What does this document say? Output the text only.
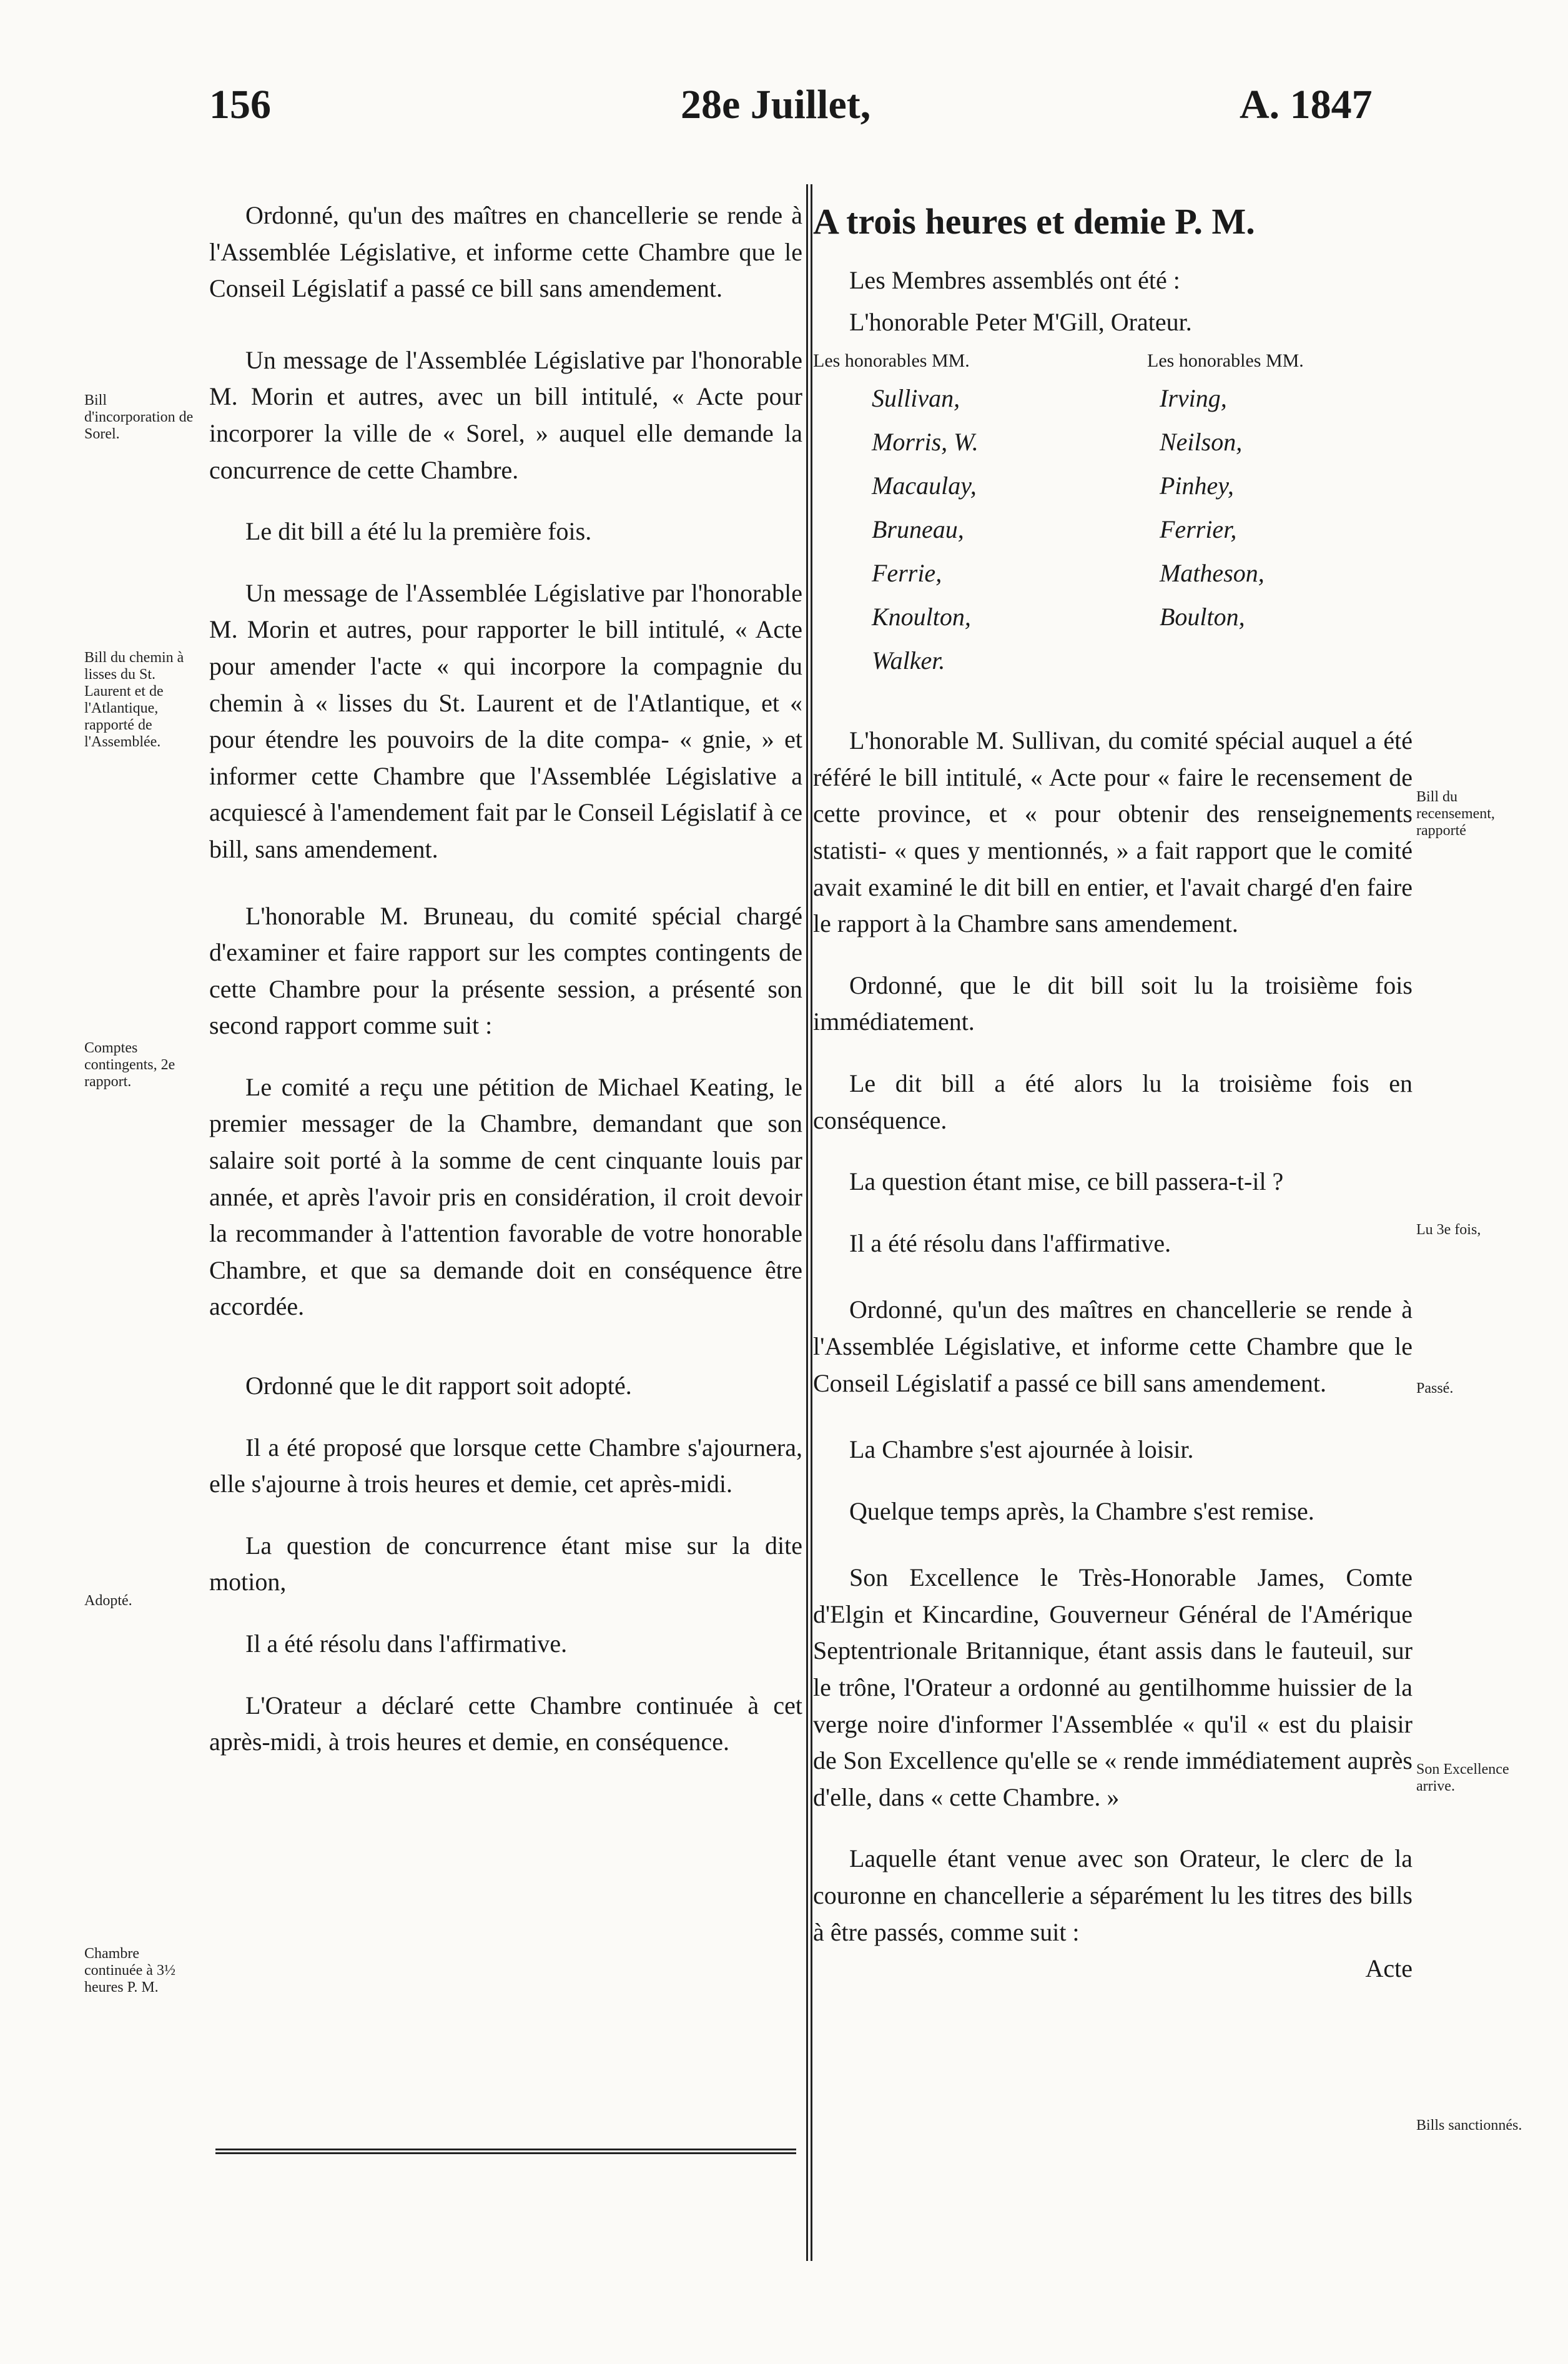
156	28e Juillet,	A. 1847

Ordonné, qu'un des maîtres en chancellerie se rende à l'Assemblée Législative, et informe cette Chambre que le Conseil Législatif a passé ce bill sans amendement.

Un message de l'Assemblée Législative par l'honorable M. Morin et autres, avec un bill intitulé, « Acte pour incorporer la ville de « Sorel, » auquel elle demande la concurrence de cette Chambre.

Le dit bill a été lu la première fois.

Un message de l'Assemblée Législative par l'honorable M. Morin et autres, pour rapporter le bill intitulé, « Acte pour amender l'acte « qui incorpore la compagnie du chemin à « lisses du St. Laurent et de l'Atlantique, et « pour étendre les pouvoirs de la dite compa- « gnie, » et informer cette Chambre que l'Assemblée Législative a acquiescé à l'amendement fait par le Conseil Législatif à ce bill, sans amendement.

L'honorable M. Bruneau, du comité spécial chargé d'examiner et faire rapport sur les comptes contingents de cette Chambre pour la présente session, a présenté son second rapport comme suit :

Le comité a reçu une pétition de Michael Keating, le premier messager de la Chambre, demandant que son salaire soit porté à la somme de cent cinquante louis par année, et après l'avoir pris en considération, il croit devoir la recommander à l'attention favorable de votre honorable Chambre, et que sa demande doit en conséquence être accordée.

Ordonné que le dit rapport soit adopté.

Il a été proposé que lorsque cette Chambre s'ajournera, elle s'ajourne à trois heures et demie, cet après-midi.

La question de concurrence étant mise sur la dite motion,

Il a été résolu dans l'affirmative.

L'Orateur a déclaré cette Chambre continuée à cet après-midi, à trois heures et demie, en conséquence.

Bill d'incorporation de Sorel.
Bill du chemin à lisses du St. Laurent et de l'Atlantique, rapporté de l'Assemblée.
Comptes contingents, 2e rapport.
Adopté.
Chambre continuée à 3½ heures P. M.
A trois heures et demie P. M.
Les Membres assemblés ont été :
L'honorable Peter M'Gill, Orateur.
Les honorables MM.
Sullivan,
Morris, W.
Macaulay,
Bruneau,
Ferrie,
Knoulton,
Walker.
Les honorables MM.
Irving,
Neilson,
Pinhey,
Ferrier,
Matheson,
Boulton,

L'honorable M. Sullivan, du comité spécial auquel a été référé le bill intitulé, « Acte pour « faire le recensement de cette province, et « pour obtenir des renseignements statisti- « ques y mentionnés, » a fait rapport que le comité avait examiné le dit bill en entier, et l'avait chargé d'en faire le rapport à la Chambre sans amendement.

Ordonné, que le dit bill soit lu la troisième fois immédiatement.

Le dit bill a été alors lu la troisième fois en conséquence.

La question étant mise, ce bill passera-t-il ?

Il a été résolu dans l'affirmative.

Ordonné, qu'un des maîtres en chancellerie se rende à l'Assemblée Législative, et informe cette Chambre que le Conseil Législatif a passé ce bill sans amendement.

La Chambre s'est ajournée à loisir.

Quelque temps après, la Chambre s'est remise.

Son Excellence le Très-Honorable James, Comte d'Elgin et Kincardine, Gouverneur Général de l'Amérique Septentrionale Britannique, étant assis dans le fauteuil, sur le trône, l'Orateur a ordonné au gentilhomme huissier de la verge noire d'informer l'Assemblée « qu'il « est du plaisir de Son Excellence qu'elle se « rende immédiatement auprès d'elle, dans « cette Chambre. »

Laquelle étant venue avec son Orateur, le clerc de la couronne en chancellerie a séparément lu les titres des bills à être passés, comme suit :

Acte
Bill du recensement, rapporté
Lu 3e fois,
Passé.
Son Excellence arrive.
Bills sanctionnés.
